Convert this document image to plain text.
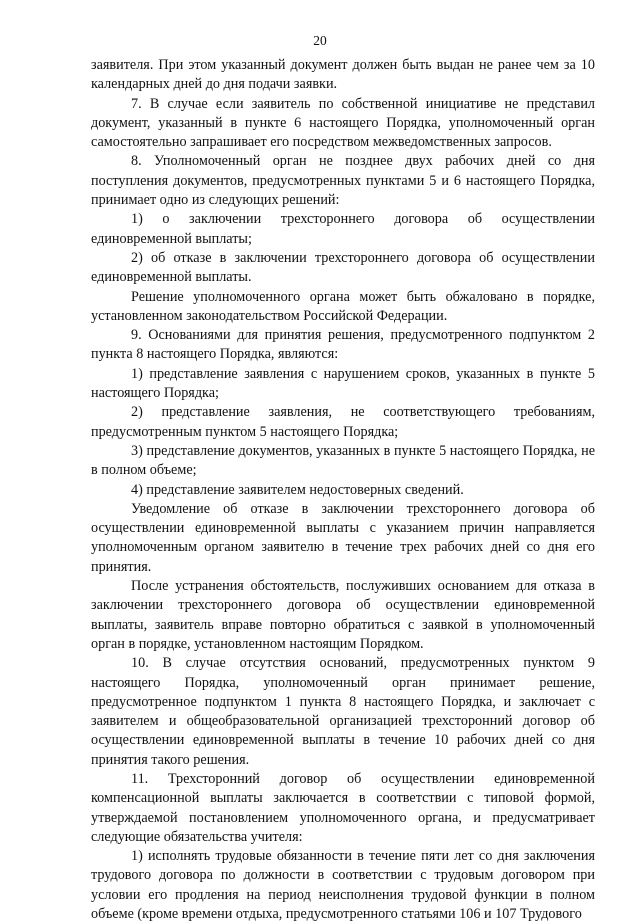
20

заявителя. При этом указанный документ должен быть выдан не ранее чем за 10 календарных дней до дня подачи заявки.

7. В случае если заявитель по собственной инициативе не представил документ, указанный в пункте 6 настоящего Порядка, уполномоченный орган самостоятельно запрашивает его посредством межведомственных запросов.

8. Уполномоченный орган не позднее двух рабочих дней со дня поступления документов, предусмотренных пунктами 5 и 6 настоящего Порядка, принимает одно из следующих решений:

1) о заключении трехстороннего договора об осуществлении единовременной выплаты;

2) об отказе в заключении трехстороннего договора об осуществлении единовременной выплаты.

Решение уполномоченного органа может быть обжаловано в порядке, установленном законодательством Российской Федерации.

9. Основаниями для принятия решения, предусмотренного подпунктом 2 пункта 8 настоящего Порядка, являются:

1) представление заявления с нарушением сроков, указанных в пункте 5 настоящего Порядка;

2) представление заявления, не соответствующего требованиям, предусмотренным пунктом 5 настоящего Порядка;

3) представление документов, указанных в пункте 5 настоящего Порядка, не в полном объеме;

4) представление заявителем недостоверных сведений.

Уведомление об отказе в заключении трехстороннего договора об осуществлении единовременной выплаты с указанием причин направляется уполномоченным органом заявителю в течение трех рабочих дней со дня его принятия.

После устранения обстоятельств, послуживших основанием для отказа в заключении трехстороннего договора об осуществлении единовременной выплаты, заявитель вправе повторно обратиться с заявкой в уполномоченный орган в порядке, установленном настоящим Порядком.

10. В случае отсутствия оснований, предусмотренных пунктом 9 настоящего Порядка, уполномоченный орган принимает решение, предусмотренное подпунктом 1 пункта 8 настоящего Порядка, и заключает с заявителем и общеобразовательной организацией трехсторонний договор об осуществлении единовременной выплаты в течение 10 рабочих дней со дня принятия такого решения.

11. Трехсторонний договор об осуществлении единовременной компенсационной выплаты заключается в соответствии с типовой формой, утверждаемой постановлением уполномоченного органа, и предусматривает следующие обязательства учителя:

1) исполнять трудовые обязанности в течение пяти лет со дня заключения трудового договора по должности в соответствии с трудовым договором при условии его продления на период неисполнения трудовой функции в полном объеме (кроме времени отдыха, предусмотренного статьями 106 и 107 Трудового
